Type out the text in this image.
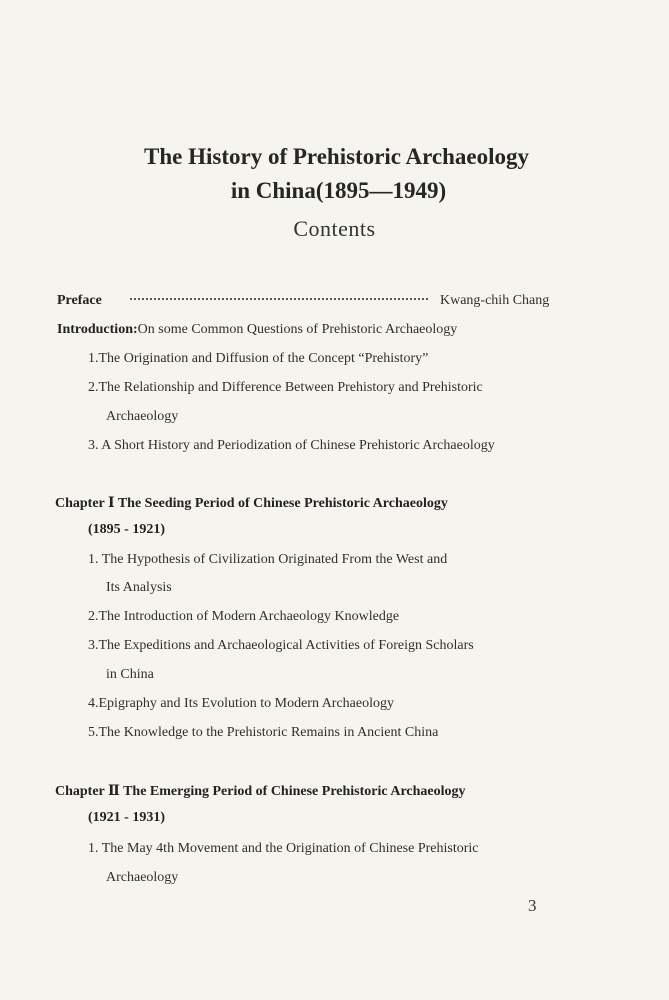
The History of Prehistoric Archaeology
in China(1895—1949)
Contents
Preface	Kwang-chih Chang
Introduction:On some Common Questions of Prehistoric Archaeology
1.The Origination and Diffusion of the Concept “Prehistory”
2.The Relationship and Difference Between Prehistory and Prehistoric
Archaeology
3. A Short History and Periodization of Chinese Prehistoric Archaeology
Chapter Ⅰ The Seeding Period of Chinese Prehistoric Archaeology
(1895 - 1921)
1. The Hypothesis of Civilization Originated From the West and
Its Analysis
2.The Introduction of Modern Archaeology Knowledge
3.The Expeditions and Archaeological Activities of Foreign Scholars
in China
4.Epigraphy and Its Evolution to Modern Archaeology
5.The Knowledge to the Prehistoric Remains in Ancient China
Chapter Ⅱ The Emerging Period of Chinese Prehistoric Archaeology
(1921 - 1931)
1. The May 4th Movement and the Origination of Chinese Prehistoric
Archaeology
3
